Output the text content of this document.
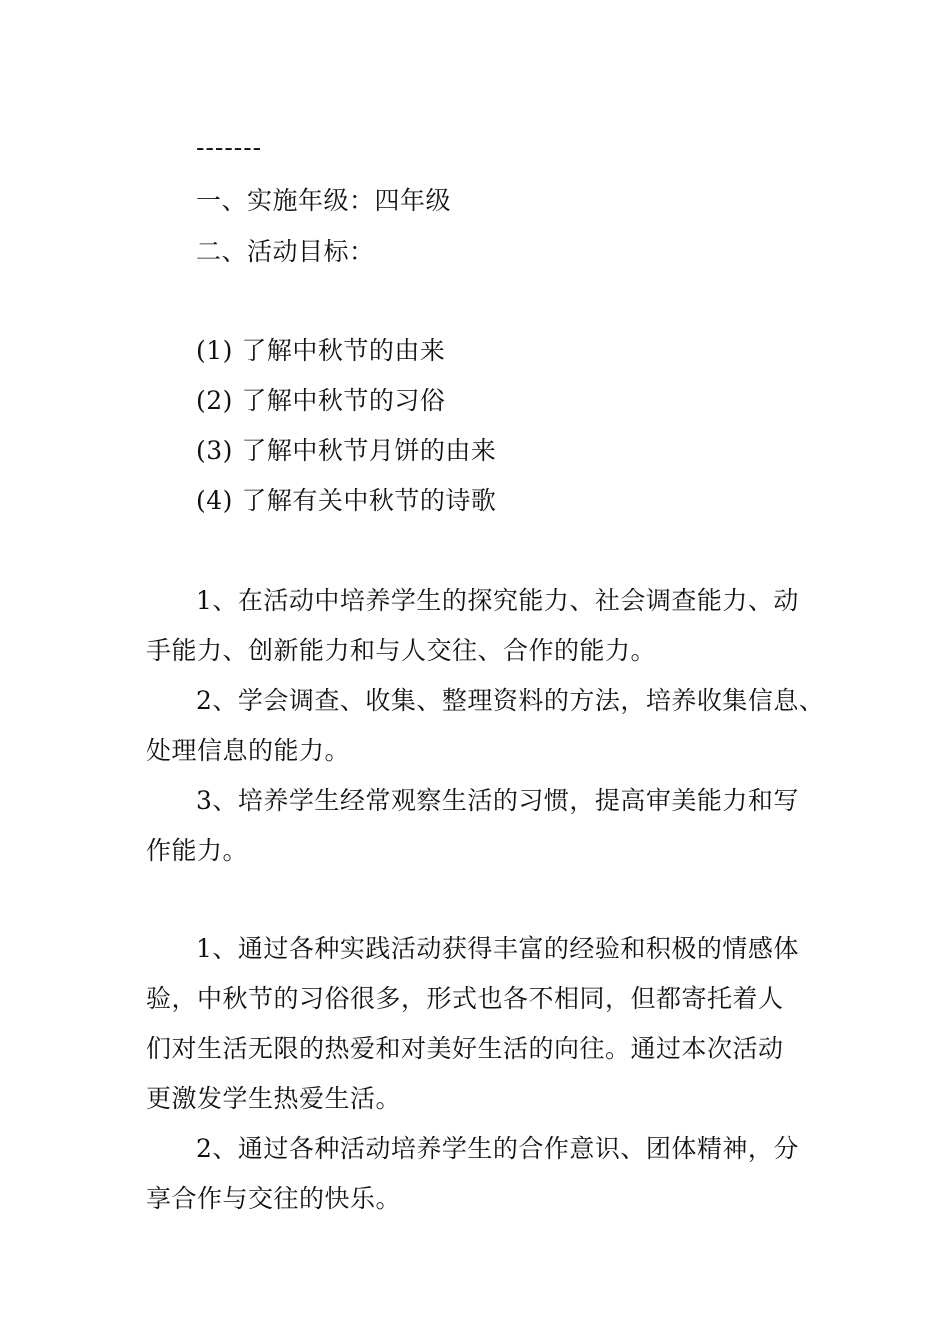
-------
一、实施年级：四年级
二、活动目标：
(1) 了解中秋节的由来
(2) 了解中秋节的习俗
(3) 了解中秋节月饼的由来
(4) 了解有关中秋节的诗歌
1、在活动中培养学生的探究能力、社会调查能力、动
手能力、创新能力和与人交往、合作的能力。
2、学会调查、收集、整理资料的方法，培养收集信息、
处理信息的能力。
3、培养学生经常观察生活的习惯，提高审美能力和写
作能力。
1、通过各种实践活动获得丰富的经验和积极的情感体
验，中秋节的习俗很多，形式也各不相同，但都寄托着人
们对生活无限的热爱和对美好生活的向往。通过本次活动
更激发学生热爱生活。
2、通过各种活动培养学生的合作意识、团体精神，分
享合作与交往的快乐。
